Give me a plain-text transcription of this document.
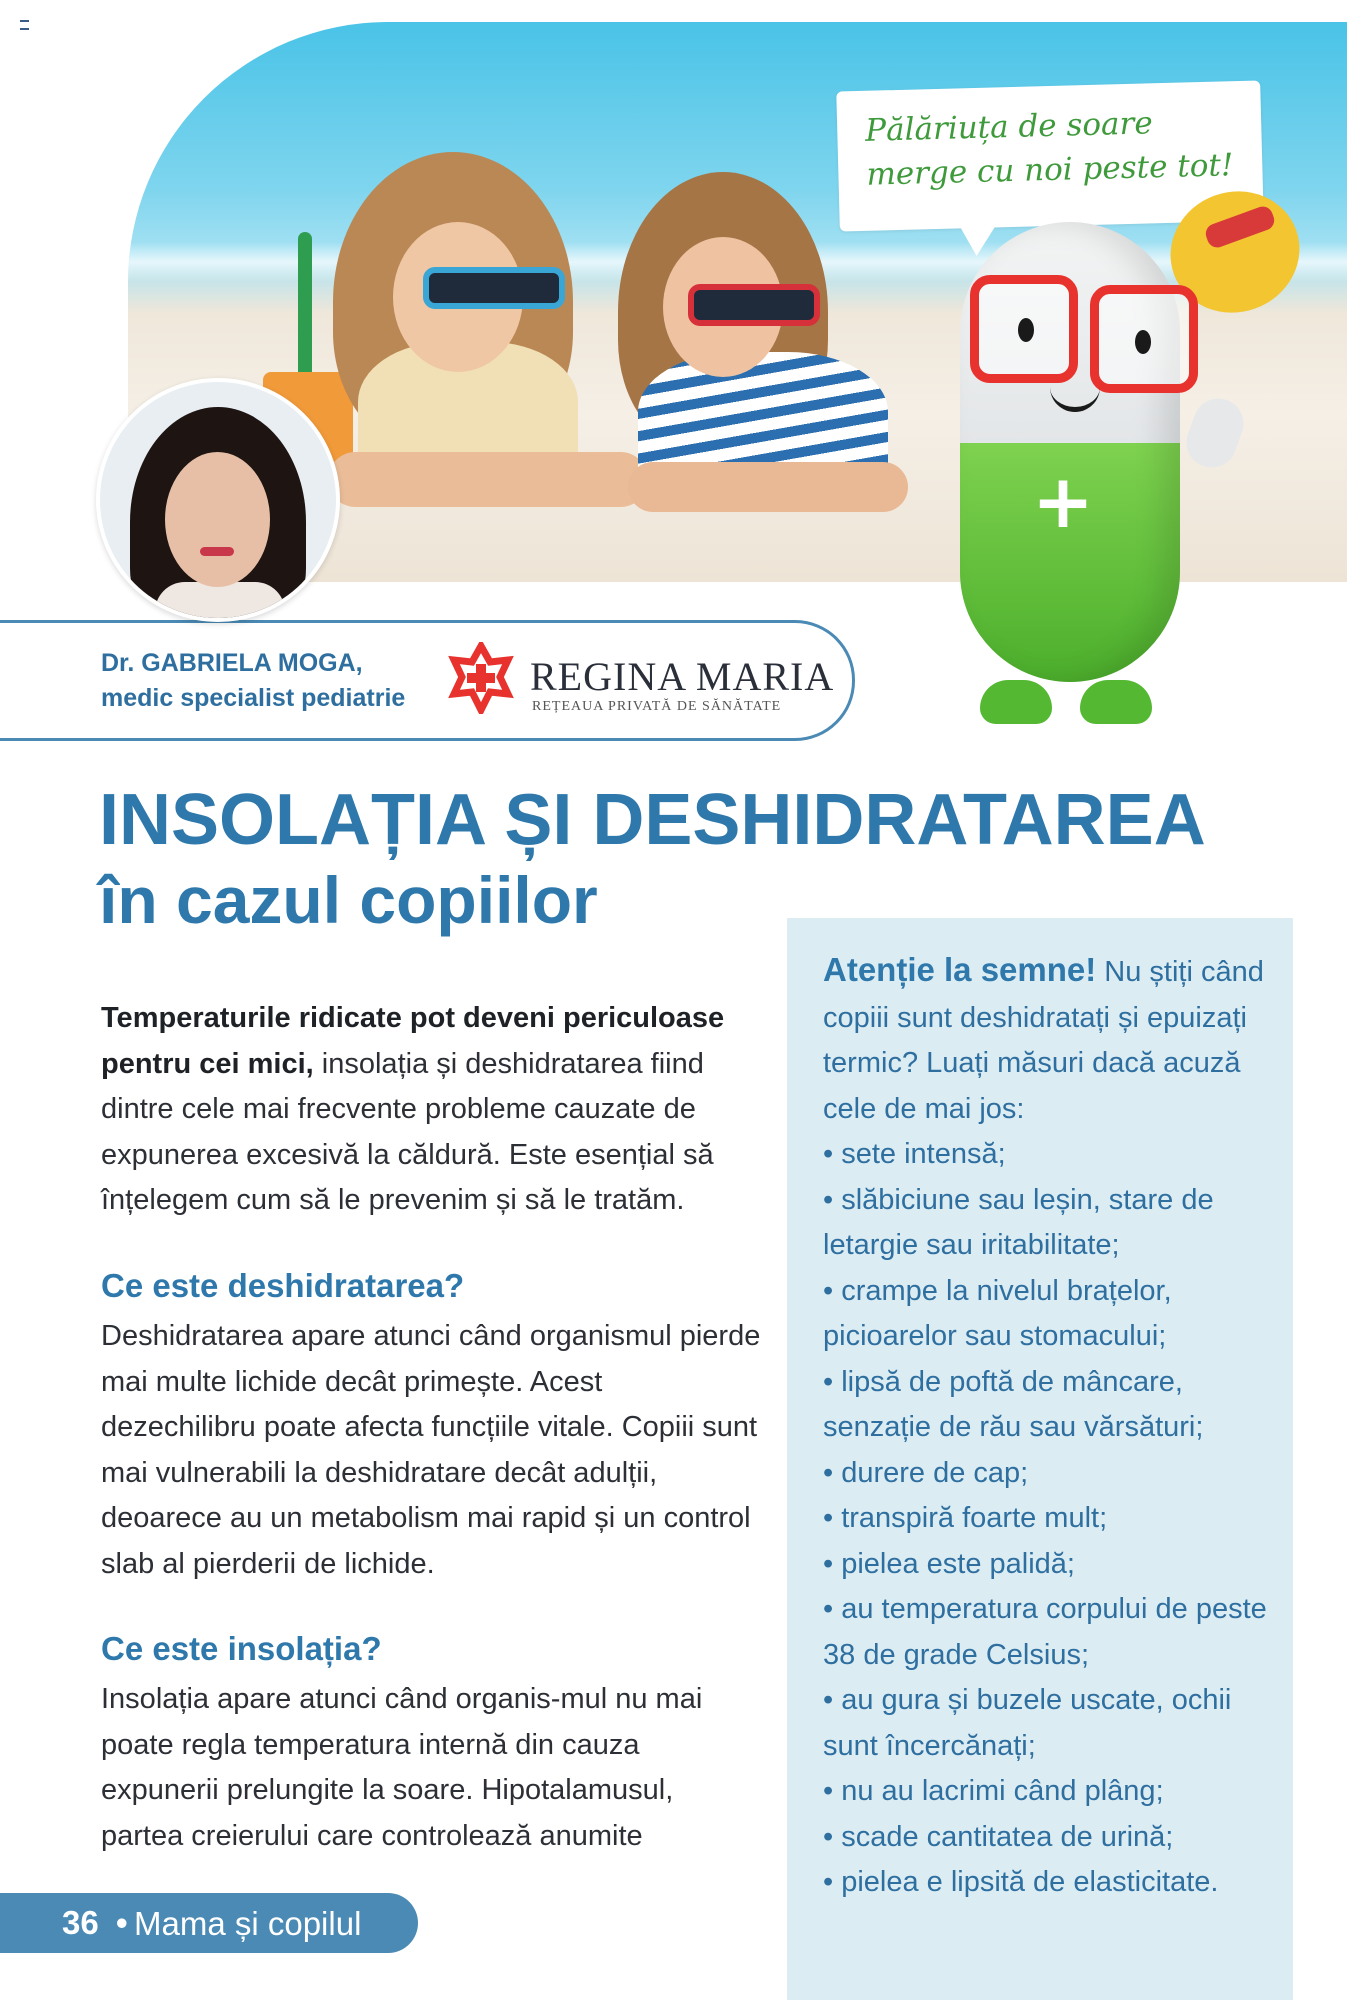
Pălăriuța de soare merge cu noi peste tot!
+
Dr. GABRIELA MOGA,
medic specialist pediatrie	REGINA MARIA
REȚEAUA PRIVATĂ DE SĂNĂTATE
INSOLAȚIA ȘI DESHIDRATAREA
în cazul copiilor
Atenție la semne! Nu știți când copiii sunt deshidratați și epuizați termic? Luați măsuri dacă acuză cele de mai jos:
• sete intensă;
• slăbiciune sau leșin, stare de letargie sau iritabilitate;
• crampe la nivelul brațelor, picioarelor sau stomacului;
• lipsă de poftă de mâncare, senzație de rău sau vărsături;
• durere de cap;
• transpiră foarte mult;
• pielea este palidă;
• au temperatura corpului de peste 38 de grade Celsius;
• au gura și buzele uscate, ochii sunt încercănați;
• nu au lacrimi când plâng;
• scade cantitatea de urină;
• pielea e lipsită de elasticitate.
Temperaturile ridicate pot deveni periculoase pentru cei mici, insolația și deshidratarea fiind dintre cele mai frecvente probleme cauzate de expunerea excesivă la căldură. Este esențial să înțelegem cum să le prevenim și să le tratăm.
Ce este deshidratarea?
Deshidratarea apare atunci când organismul pierde mai multe lichide decât primește. Acest dezechilibru poate afecta funcțiile vitale. Copiii sunt mai vulnerabili la deshidratare decât adulții, deoarece au un metabolism mai rapid și un control slab al pierderii de lichide.
Ce este insolația?
Insolația apare atunci când organis-mul nu mai poate regla temperatura internă din cauza expunerii prelungite la soare. Hipotalamusul, partea creierului care controlează anumite
36 • Mama și copilul
